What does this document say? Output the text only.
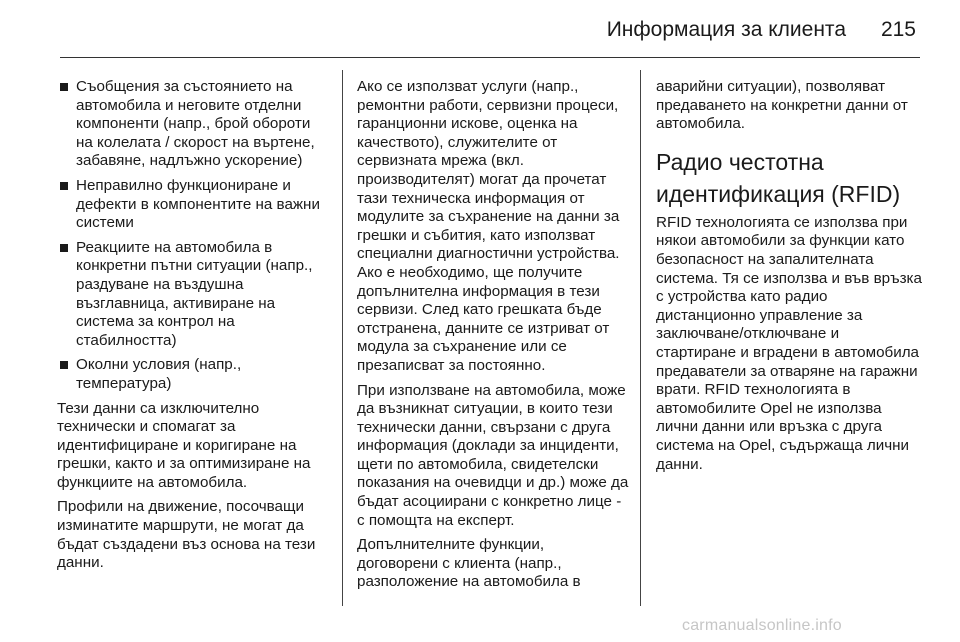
Информация за клиента 215
Съобщения за състоянието на автомобила и неговите отделни компоненти (напр., брой обороти на колелата / скорост на въртене, забавяне, надлъжно ускорение)
Неправилно функциониране и дефекти в компонентите на важни системи
Реакциите на автомобила в конкретни пътни ситуации (напр., раздуване на въздушна възглавница, активиране на система за контрол на стабилността)
Околни условия (напр., температура)

Тези данни са изключително технически и спомагат за идентифициране и коригиране на грешки, както и за оптимизиране на функциите на автомобила.

Профили на движение, посочващи изминатите маршрути, не могат да бъдат създадени въз основа на тези данни.

Ако се използват услуги (напр., ремонтни работи, сервизни процеси, гаранционни искове, оценка на качеството), служителите от сервизната мрежа (вкл. производителят) могат да прочетат тази техническа информация от модулите за съхранение на данни за грешки и събития, като използват специални диагностични устройства. Ако е необходимо, ще получите допълнителна информация в тези сервизи. След като грешката бъде отстранена, данните се изтриват от модула за съхранение или се презаписват за постоянно.

При използване на автомобила, може да възникнат ситуации, в които тези технически данни, свързани с друга информация (доклади за инциденти, щети по автомобила, свидетелски показания на очевидци и др.) може да бъдат асоциирани с конкретно лице - с помощта на експерт.

Допълнителните функции, договорени с клиента (напр., разположение на автомобила в

аварийни ситуации), позволяват предаването на конкретни данни от автомобила.

Радио честотна идентификация (RFID)

RFID технологията се използва при някои автомобили за функции като безопасност на запалителната система. Тя се използва и във връзка с устройства като радио дистанционно управление за заключване/отключване и стартиране и вградени в автомобила предаватели за отваряне на гаражни врати. RFID технологията в автомобилите Opel не използва лични данни или връзка с друга система на Opel, съдържаща лични данни.

carmanualsonline.info
